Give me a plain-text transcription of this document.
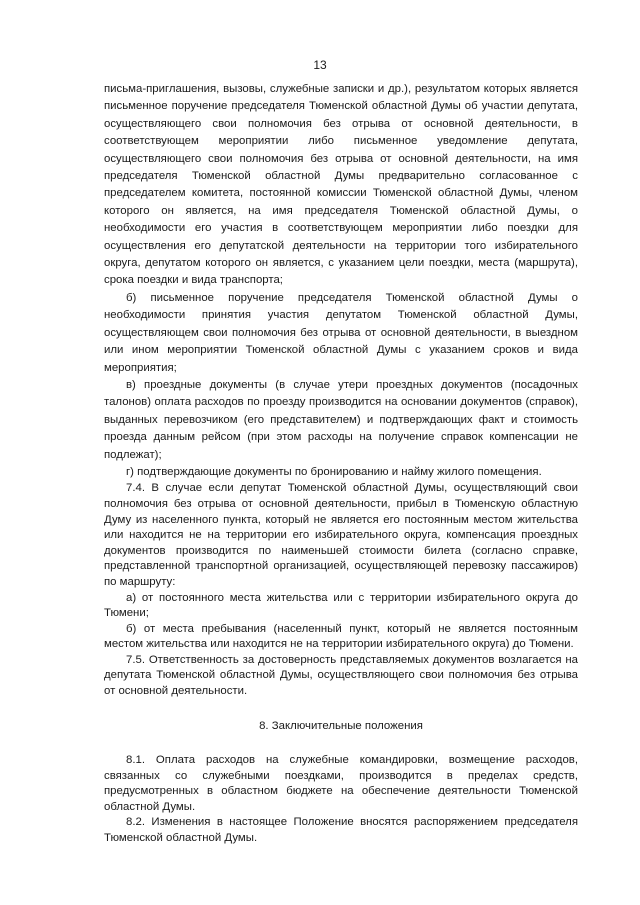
13

письма-приглашения, вызовы, служебные записки и др.), результатом которых является письменное поручение председателя Тюменской областной Думы об участии депутата, осуществляющего свои полномочия без отрыва от основной деятельности, в соответствующем мероприятии либо письменное уведомление депутата, осуществляющего свои полномочия без отрыва от основной деятельности, на имя председателя Тюменской областной Думы предварительно согласованное с председателем комитета, постоянной комиссии Тюменской областной Думы, членом которого он является, на имя председателя Тюменской областной Думы, о необходимости его участия в соответствующем мероприятии либо поездки для осуществления его депутатской деятельности на территории того избирательного округа, депутатом которого он является, с указанием цели поездки, места (маршрута), срока поездки и вида транспорта;

б) письменное поручение председателя Тюменской областной Думы о необходимости принятия участия депутатом Тюменской областной Думы, осуществляющем свои полномочия без отрыва от основной деятельности, в выездном или ином мероприятии Тюменской областной Думы с указанием сроков и вида мероприятия;

в) проездные документы (в случае утери проездных документов (посадочных талонов) оплата расходов по проезду производится на основании документов (справок), выданных перевозчиком (его представителем) и подтверждающих факт и стоимость проезда данным рейсом (при этом расходы на получение справок компенсации не подлежат);

г) подтверждающие документы по бронированию и найму жилого помещения.

7.4. В случае если депутат Тюменской областной Думы, осуществляющий свои полномочия без отрыва от основной деятельности, прибыл в Тюменскую областную Думу из населенного пункта, который не является его постоянным местом жительства или находится не на территории его избирательного округа, компенсация проездных документов производится по наименьшей стоимости билета (согласно справке, представленной транспортной организацией, осуществляющей перевозку пассажиров) по маршруту:

а) от постоянного места жительства или с территории избирательного округа до Тюмени;

б) от места пребывания (населенный пункт, который не является постоянным местом жительства или находится не на территории избирательного округа) до Тюмени.

7.5. Ответственность за достоверность представляемых документов возлагается на депутата Тюменской областной Думы, осуществляющего свои полномочия без отрыва от основной деятельности.

8. Заключительные положения

8.1. Оплата расходов на служебные командировки, возмещение расходов, связанных со служебными поездками, производится в пределах средств, предусмотренных в областном бюджете на обеспечение деятельности Тюменской областной Думы.

8.2. Изменения в настоящее Положение вносятся распоряжением председателя Тюменской областной Думы.
